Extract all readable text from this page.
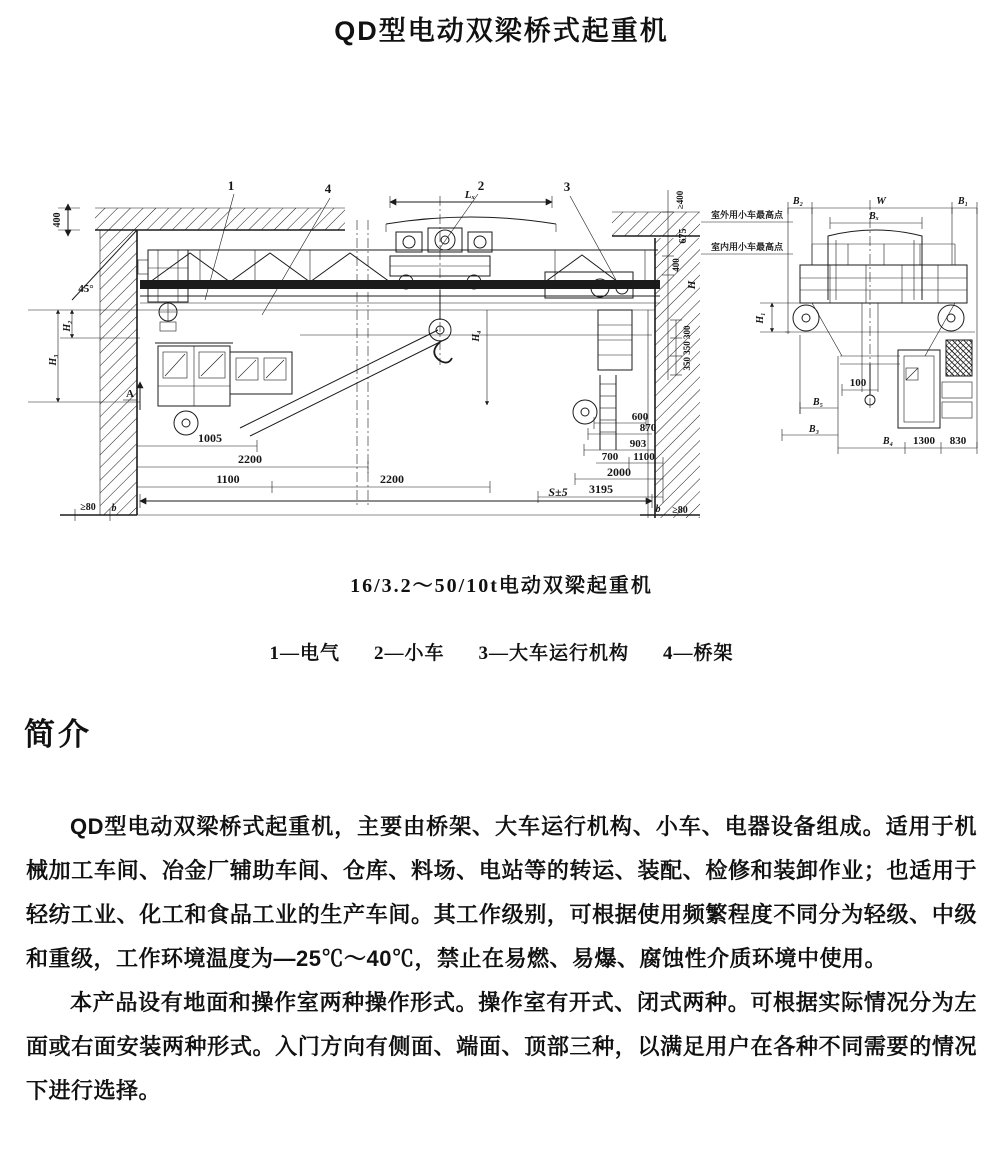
QD型电动双梁桥式起重机
1	4	2	3
Lₓ
400
45°
H₂
H₃
A
1005
2200
1100	2200
≥80 b
S±5 3195
2000
700 1100
903
870
600
b ≥80
≥400
675
400
H
350 350 300
H₄
室外用小车最高点
室内用小车最高点
B₂	W	B₁
Bₓ
H₁
100
B₅
B₃
B₄ 1300 830
16/3.2～50/10t电动双梁起重机
1—电气 2—小车 3—大车运行机构 4—桥架
简介

QD型电动双梁桥式起重机，主要由桥架、大车运行机构、小车、电器设备组成。适用于机械加工车间、冶金厂辅助车间、仓库、料场、电站等的转运、装配、检修和装卸作业；也适用于轻纺工业、化工和食品工业的生产车间。其工作级别，可根据使用频繁程度不同分为轻级、中级和重级，工作环境温度为—25℃～40℃，禁止在易燃、易爆、腐蚀性介质环境中使用。

本产品设有地面和操作室两种操作形式。操作室有开式、闭式两种。可根据实际情况分为左面或右面安装两种形式。入门方向有侧面、端面、顶部三种，以满足用户在各种不同需要的情况下进行选择。
